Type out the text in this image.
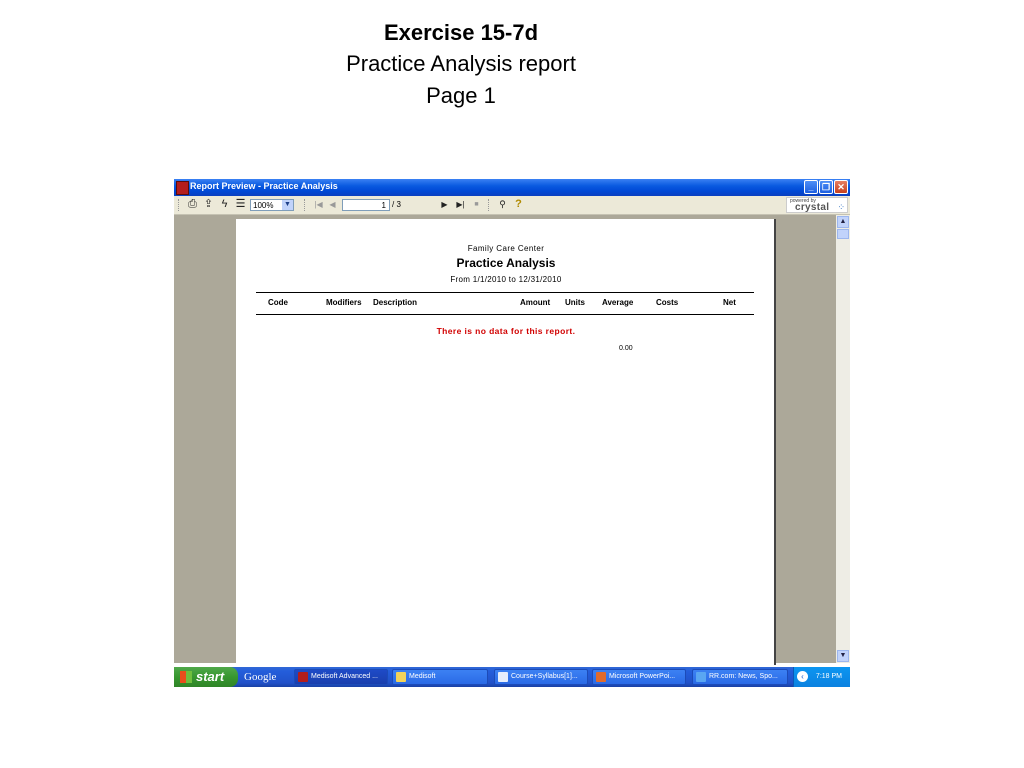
Exercise 15-7d
Practice Analysis report
Page 1
Report Preview - Practice Analysis	_ ❐ ✕
⎙ ⇪ ϟ ☰ 100% ▼	|◀ ◀	1 / 3	▶	▶|	■	⚲ ?	powered by
crystal ⁘
Family Care Center
Practice Analysis
From 1/1/2010 to 12/31/2010
Code	Modifiers Description	Amount Units Average	Costs	Net
There is no data for this report.
0.00
▲
▼
start Google	Medisoft Advanced ...	Medisoft	Course+Syllabus[1]...	Microsoft PowerPoi...	RR.com: News, Spo...	‹	7:18 PM
